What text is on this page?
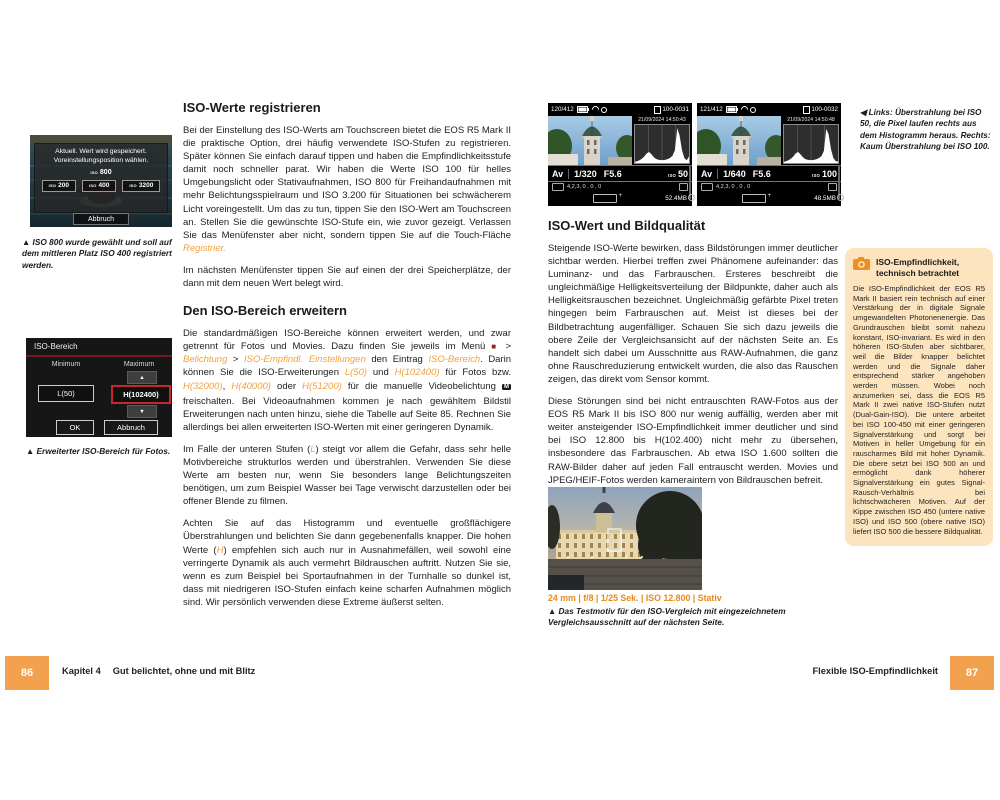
Aktuell. Wert wird gespeichert.
Voreinstellungsposition wählen.
ISO 800
ISO 200	ISO 400	ISO 3200
Abbruch
▲ ISO 800 wurde gewählt und soll auf dem mittleren Platz ISO 400 registriert werden.
ISO-Werte registrieren

Bei der Einstellung des ISO-Werts am Touchscreen bietet die EOS R5 Mark II die praktische Option, drei häufig verwendete ISO-Stufen zu registrieren. Später können Sie einfach darauf tippen und haben die Empfindlichkeitsstufe damit noch schneller parat. Wir haben die Werte ISO 100 für helles Umgebungslicht oder Stativaufnahmen, ISO 800 für Freihandaufnahmen mit mehr Belichtungsspielraum und ISO 3.200 für Situationen bei schwächerem Licht voreingestellt. Um das zu tun, tippen Sie den ISO-Wert am Touchscreen an. Stellen Sie die gewünschte ISO-Stufe ein, wie zuvor gezeigt. Verlassen Sie das Menüfenster aber nicht, sondern tippen Sie auf die Touch-Fläche Registrier.

Im nächsten Menüfenster tippen Sie auf einen der drei Speicherplätze, der dann mit dem neuen Wert belegt wird.

Den ISO-Bereich erweitern

Die standardmäßigen ISO-Bereiche können erweitert werden, und zwar getrennt für Fotos und Movies. Dazu finden Sie jeweils im Menü ■ > Belichtung > ISO-Empfindl. Einstellungen den Eintrag ISO-Bereich. Darin können Sie die ISO-Erweiterungen L(50) und H(102400) für Fotos bzw. H(32000), H(40000) oder H(51200) für die manuelle Videobelichtung M freischalten. Bei Videoaufnahmen kommen je nach gewähltem Bildstil Erweiterungen nach unten hinzu, siehe die Tabelle auf Seite 85. Rechnen Sie allerdings bei allen erweiterten ISO-Werten mit einer geringeren Dynamik.

Im Falle der unteren Stufen (L) steigt vor allem die Gefahr, dass sehr helle Motivbereiche strukturlos werden und überstrahlen. Verwenden Sie diese Werte am besten nur, wenn Sie besonders lange Belichtungszeiten benötigen, um zum Beispiel Wasser bei Tage verwischt darzustellen oder bei offener Blende zu filmen.

Achten Sie auf das Histogramm und eventuelle großflächigere Überstrahlungen und belichten Sie dann gegebenenfalls knapper. Die hohen Werte (H) empfehlen sich auch nur in Ausnahmefällen, weil sowohl eine verringerte Dynamik als auch vermehrt Bildrauschen auftritt. Nutzen Sie sie, wenn es zum Beispiel bei Sportaufnahmen in der Turnhalle so dunkel ist, dass mit niedrigeren ISO-Stufen einfach keine scharfen Aufnahmen möglich sind. Wir persönlich verwenden diese Extreme äußerst selten.

ISO-Bereich
Minimum	Maximum
▲
L(50)	H(102400)
▼
OK	Abbruch
▲ Erweiterter ISO-Bereich für Fotos.
86	Kapitel 4 Gut belichtet, ohne und mit Blitz
120/412	100-0031
21/09/2024 14:50:43
Av	1/320 F5.6	ISO 50
4,2,3, 0 , 0 , 0
+
52.4MB
121/412	100-0032
21/09/2024 14:50:48
Av	1/640 F5.6	ISO 100
4,2,3, 0 , 0 , 0
+
48.5MB
◀ Links: Überstrahlung bei ISO 50, die Pixel laufen rechts aus dem Histogramm heraus. Rechts: Kaum Überstrahlung bei ISO 100.
ISO-Wert und Bildqualität

Steigende ISO-Werte bewirken, dass Bildstörungen immer deutlicher sichtbar werden. Hierbei treffen zwei Phänomene aufeinander: das Luminanz- und das Farbrauschen. Ersteres beschreibt die ungleichmäßige Helligkeitsverteilung der Bildpunkte, daher auch als Helligkeitsrauschen bezeichnet. Ungleichmäßig gefärbte Pixel treten hingegen beim Farbrauschen auf. Meist ist dieses bei der Bildbetrachtung augenfälliger. Schauen Sie sich dazu jeweils die obere Zeile der Vergleichsansicht auf der nächsten Seite an. Es handelt sich dabei um Ausschnitte aus RAW-Aufnahmen, die ganz ohne Rauschreduzierung entwickelt wurden, die also das Rauschen zeigen, das direkt vom Sensor kommt.

Diese Störungen sind bei nicht entrauschten RAW-Fotos aus der EOS R5 Mark II bis ISO 800 nur wenig auffällig, werden aber mit weiter ansteigender ISO-Empfindlichkeit immer deutlicher und sind bei ISO 12.800 bis H(102.400) nicht mehr zu übersehen, insbesondere das Farbrauschen. Ab etwa ISO 1.600 sollten die RAW-Bilder daher auf jeden Fall entrauscht werden. Movies und JPEG/HEIF-Fotos werden kameraintern von Bildrauschen befreit.

24 mm | f/8 | 1/25 Sek. | ISO 12.800 | Stativ
▲ Das Testmotiv für den ISO-Vergleich mit eingezeichnetem Vergleichsausschnitt auf der nächsten Seite.
ISO-Empfindlichkeit,
technisch betrachtet
Die ISO-Empfindlichkeit der EOS R5 Mark II basiert rein technisch auf einer Verstärkung der in digitale Signale umgewandelten Photonenenergie. Das Grundrauschen bleibt somit nahezu konstant, ISO-invariant. Es wird in den höheren ISO-Stufen aber sichtbarer, weil die Bilder knapper belichtet werden und die Signale daher entsprechend stärker angehoben werden müssen. Wobei noch anzumerken sei, dass die EOS R5 Mark II zwei native ISO-Stufen nutzt (Dual-Gain-ISO). Die untere arbeitet bei ISO 100-450 mit einer geringeren Signalverstärkung und sorgt bei Motiven in heller Umgebung für ein rauscharmes Bild mit hoher Dynamik. Die obere setzt bei ISO 500 an und ermöglicht dank höherer Signalverstärkung ein gutes Signal-Rausch-Verhältnis bei lichtschwächeren Motiven. Auf der Kippe zwischen ISO 450 (untere native ISO) und ISO 500 (obere native ISO) liefert ISO 500 die bessere Bildqualität.
Flexible ISO-Empfindlichkeit	87
